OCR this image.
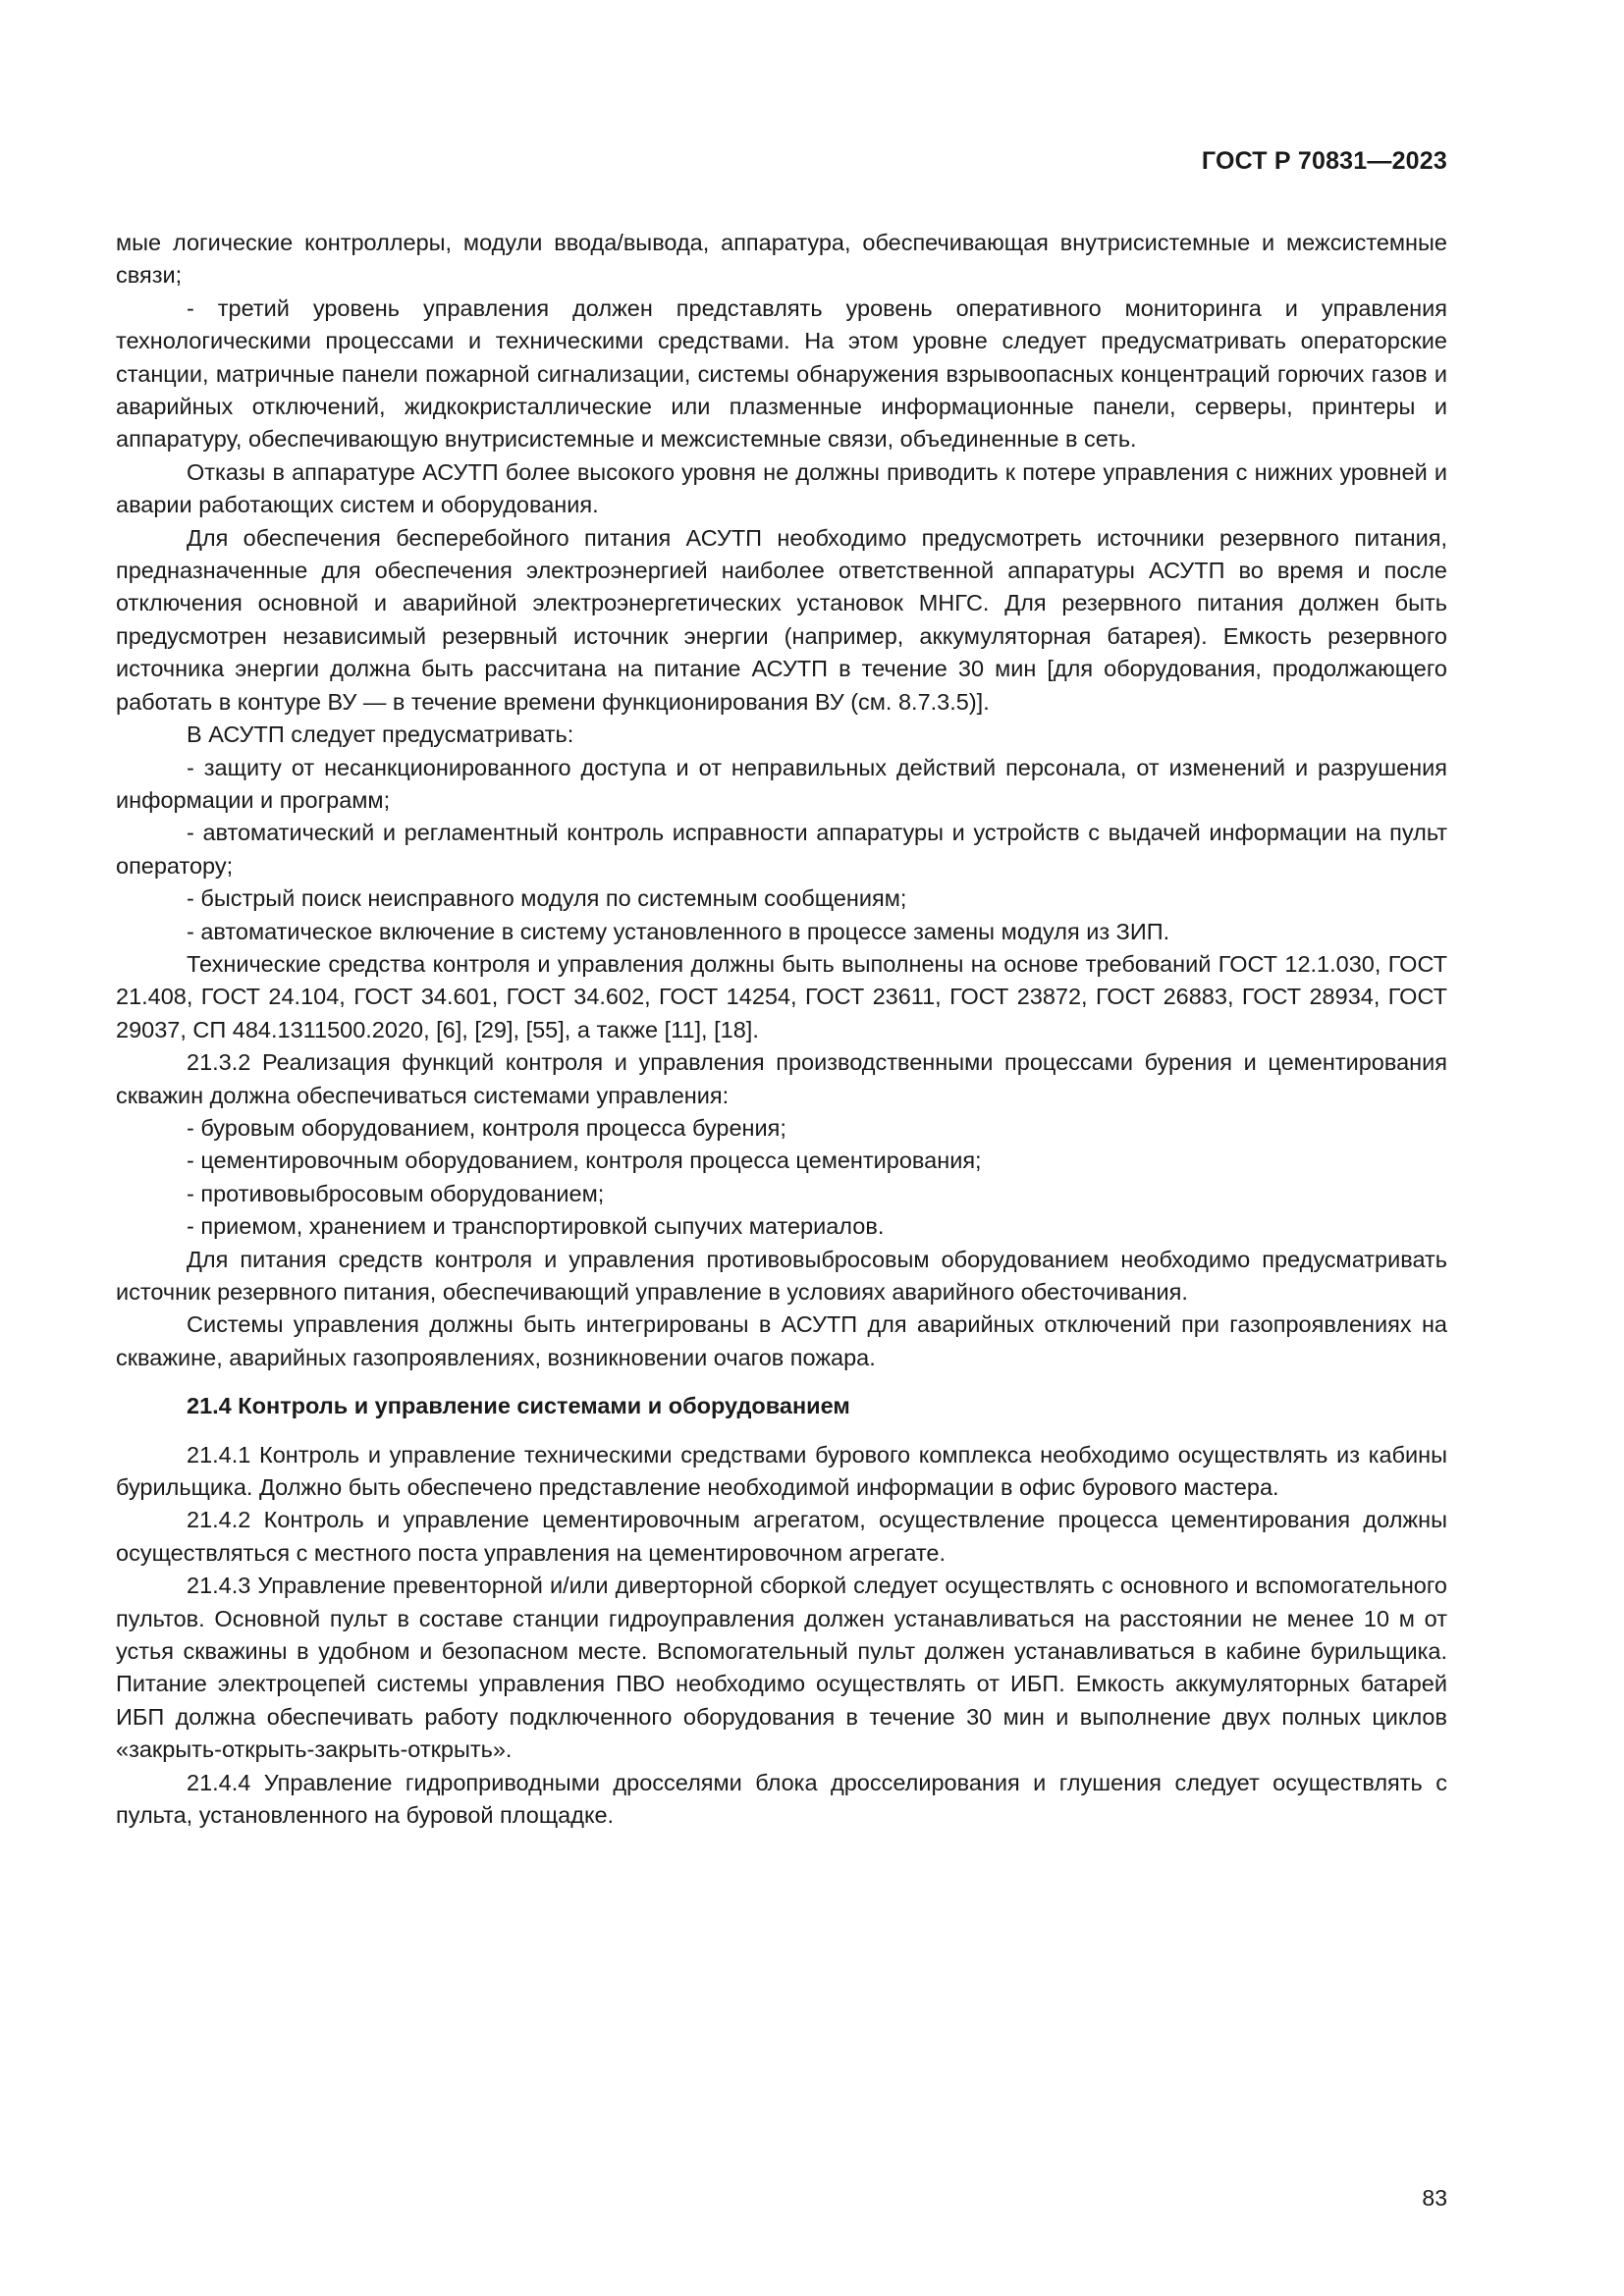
ГОСТ Р 70831—2023

мые логические контроллеры, модули ввода/вывода, аппаратура, обеспечивающая внутрисистемные и межсистемные связи;

- третий уровень управления должен представлять уровень оперативного мониторинга и управления технологическими процессами и техническими средствами. На этом уровне следует предусматривать операторские станции, матричные панели пожарной сигнализации, системы обнаружения взрывоопасных концентраций горючих газов и аварийных отключений, жидкокристаллические или плазменные информационные панели, серверы, принтеры и аппаратуру, обеспечивающую внутрисистемные и межсистемные связи, объединенные в сеть.

Отказы в аппаратуре АСУТП более высокого уровня не должны приводить к потере управления с нижних уровней и аварии работающих систем и оборудования.

Для обеспечения бесперебойного питания АСУТП необходимо предусмотреть источники резервного питания, предназначенные для обеспечения электроэнергией наиболее ответственной аппаратуры АСУТП во время и после отключения основной и аварийной электроэнергетических установок МНГС. Для резервного питания должен быть предусмотрен независимый резервный источник энергии (например, аккумуляторная батарея). Емкость резервного источника энергии должна быть рассчитана на питание АСУТП в течение 30 мин [для оборудования, продолжающего работать в контуре ВУ — в течение времени функционирования ВУ (см. 8.7.3.5)].

В АСУТП следует предусматривать:

- защиту от несанкционированного доступа и от неправильных действий персонала, от изменений и разрушения информации и программ;

- автоматический и регламентный контроль исправности аппаратуры и устройств с выдачей информации на пульт оператору;

- быстрый поиск неисправного модуля по системным сообщениям;

- автоматическое включение в систему установленного в процессе замены модуля из ЗИП.

Технические средства контроля и управления должны быть выполнены на основе требований ГОСТ 12.1.030, ГОСТ 21.408, ГОСТ 24.104, ГОСТ 34.601, ГОСТ 34.602, ГОСТ 14254, ГОСТ 23611, ГОСТ 23872, ГОСТ 26883, ГОСТ 28934, ГОСТ 29037, СП 484.1311500.2020, [6], [29], [55], а также [11], [18].

21.3.2 Реализация функций контроля и управления производственными процессами бурения и цементирования скважин должна обеспечиваться системами управления:

- буровым оборудованием, контроля процесса бурения;

- цементировочным оборудованием, контроля процесса цементирования;

- противовыбросовым оборудованием;

- приемом, хранением и транспортировкой сыпучих материалов.

Для питания средств контроля и управления противовыбросовым оборудованием необходимо предусматривать источник резервного питания, обеспечивающий управление в условиях аварийного обесточивания.

Системы управления должны быть интегрированы в АСУТП для аварийных отключений при газопроявлениях на скважине, аварийных газопроявлениях, возникновении очагов пожара.

21.4 Контроль и управление системами и оборудованием

21.4.1 Контроль и управление техническими средствами бурового комплекса необходимо осуществлять из кабины бурильщика. Должно быть обеспечено представление необходимой информации в офис бурового мастера.

21.4.2 Контроль и управление цементировочным агрегатом, осуществление процесса цементирования должны осуществляться с местного поста управления на цементировочном агрегате.

21.4.3 Управление превенторной и/или диверторной сборкой следует осуществлять с основного и вспомогательного пультов. Основной пульт в составе станции гидроуправления должен устанавливаться на расстоянии не менее 10 м от устья скважины в удобном и безопасном месте. Вспомогательный пульт должен устанавливаться в кабине бурильщика. Питание электроцепей системы управления ПВО необходимо осуществлять от ИБП. Емкость аккумуляторных батарей ИБП должна обеспечивать работу подключенного оборудования в течение 30 мин и выполнение двух полных циклов «закрыть-открыть-закрыть-открыть».

21.4.4 Управление гидроприводными дросселями блока дросселирования и глушения следует осуществлять с пульта, установленного на буровой площадке.

83
